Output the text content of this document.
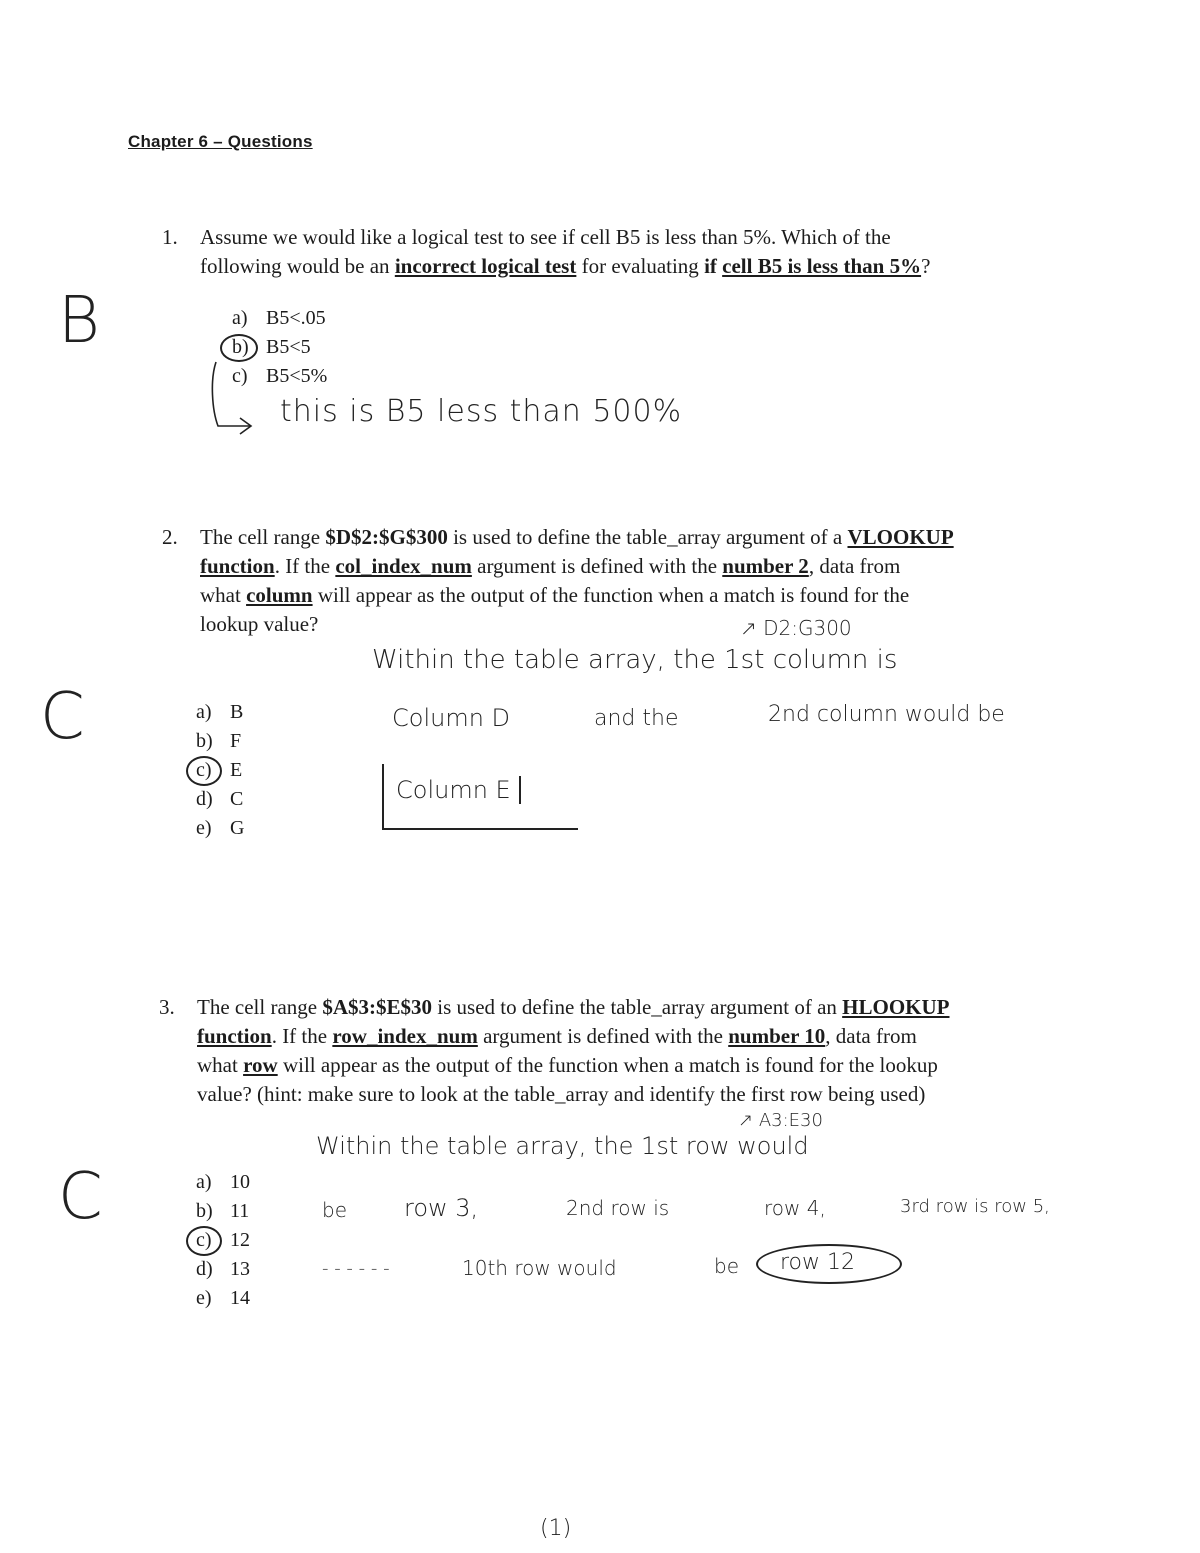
Chapter 6 – Questions
1. Assume we would like a logical test to see if cell B5 is less than 5%. Which of the
following would be an incorrect logical test for evaluating if cell B5 is less than 5%?
a) B5<.05
b) B5<5
c) B5<5%
B
this is B5 less than 500%
2. The cell range $D$2:$G$300 is used to define the table_array argument of a VLOOKUP
function. If the col_index_num argument is defined with the number 2, data from
what column will appear as the output of the function when a match is found for the
lookup value?	↗ D2:G300
Within the table array, the 1st column is
Column D	and the	2nd column would be
Column E
a) B
b) F
c) E
d) C
e) G
C
3. The cell range $A$3:$E$30 is used to define the table_array argument of an HLOOKUP
function. If the row_index_num argument is defined with the number 10, data from
what row will appear as the output of the function when a match is found for the lookup
value? (hint: make sure to look at the table_array and identify the first row being used)
↗ A3:E30
Within the table array, the 1st row would
be row 3,	2nd row is	row 4,	3rd row is row 5,
- - - - - -	10th row would	be row 12
a) 10
b) 11
c) 12
d) 13
e) 14
C
(1)
